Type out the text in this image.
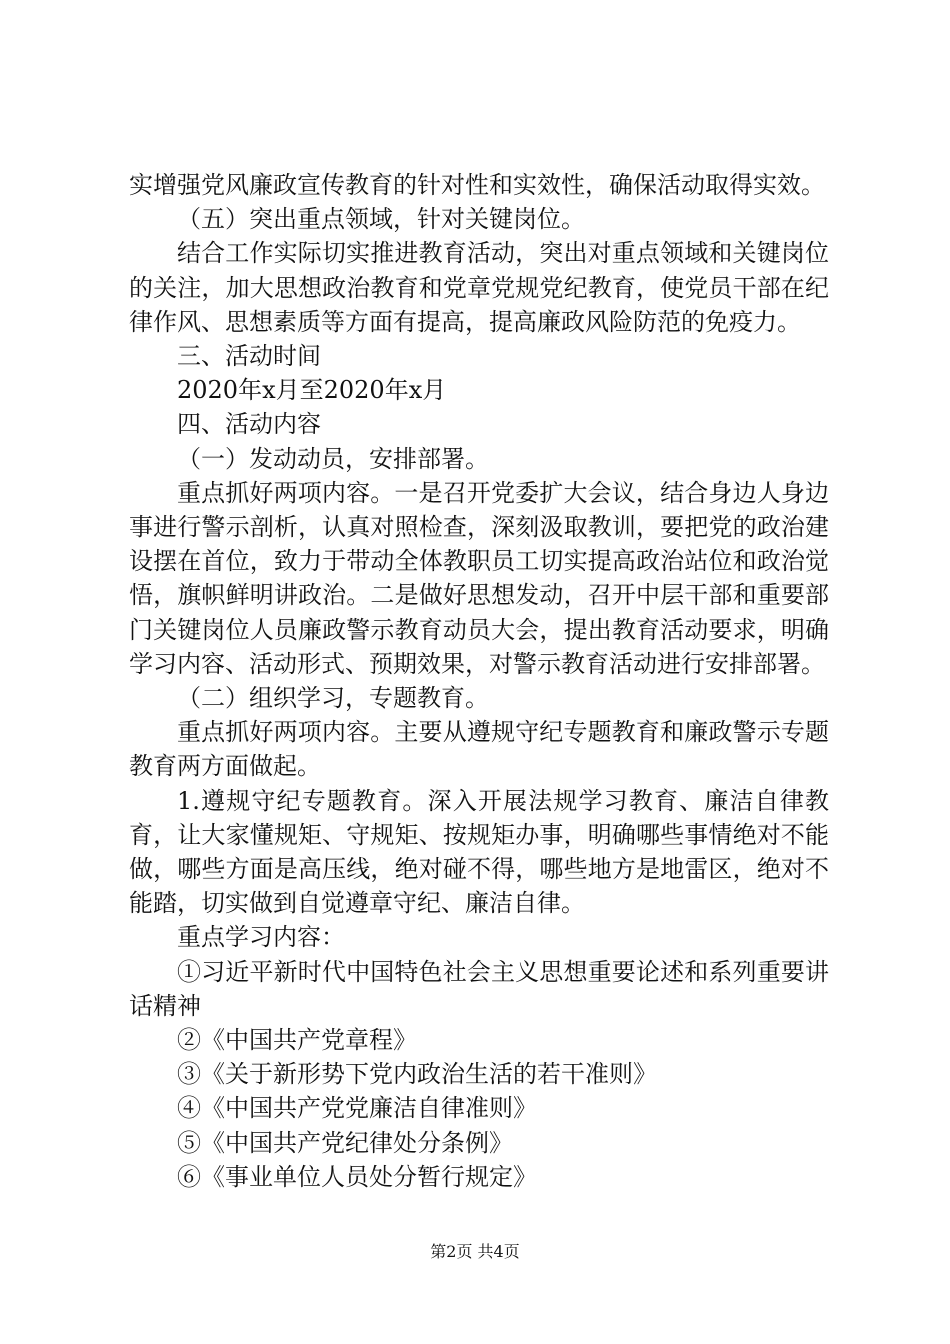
实增强党风廉政宣传教育的针对性和实效性，确保活动取得实效。

（五）突出重点领域，针对关键岗位。

结合工作实际切实推进教育活动，突出对重点领域和关键岗位的关注，加大思想政治教育和党章党规党纪教育，使党员干部在纪律作风、思想素质等方面有提高，提高廉政风险防范的免疫力。

三、活动时间

2020年x月至2020年x月

四、活动内容

（一）发动动员，安排部署。

重点抓好两项内容。一是召开党委扩大会议，结合身边人身边事进行警示剖析，认真对照检查，深刻汲取教训，要把党的政治建设摆在首位，致力于带动全体教职员工切实提高政治站位和政治觉悟，旗帜鲜明讲政治。二是做好思想发动，召开中层干部和重要部门关键岗位人员廉政警示教育动员大会，提出教育活动要求，明确学习内容、活动形式、预期效果，对警示教育活动进行安排部署。

（二）组织学习，专题教育。

重点抓好两项内容。主要从遵规守纪专题教育和廉政警示专题教育两方面做起。

1.遵规守纪专题教育。深入开展法规学习教育、廉洁自律教育，让大家懂规矩、守规矩、按规矩办事，明确哪些事情绝对不能做，哪些方面是高压线，绝对碰不得，哪些地方是地雷区，绝对不能踏，切实做到自觉遵章守纪、廉洁自律。

重点学习内容：

①习近平新时代中国特色社会主义思想重要论述和系列重要讲话精神

②《中国共产党章程》

③《关于新形势下党内政治生活的若干准则》

④《中国共产党党廉洁自律准则》

⑤《中国共产党纪律处分条例》

⑥《事业单位人员处分暂行规定》

第2页 共4页
